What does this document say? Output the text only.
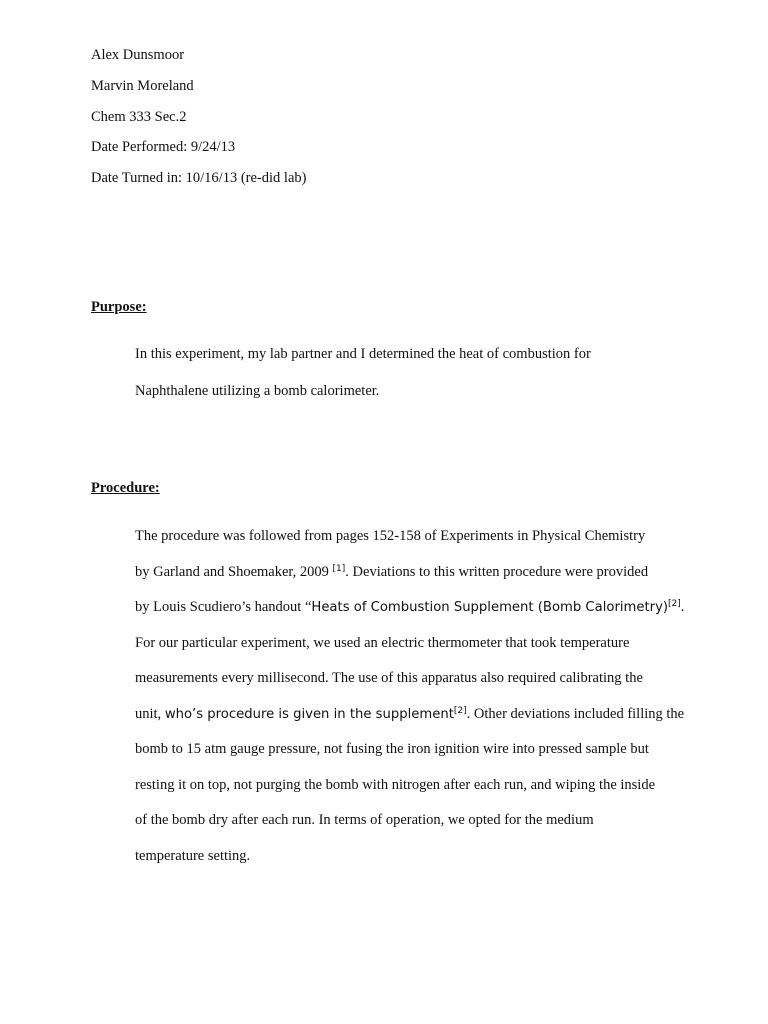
Alex Dunsmoor
Marvin Moreland
Chem 333 Sec.2
Date Performed: 9/24/13
Date Turned in: 10/16/13 (re-did lab)
Purpose:
In this experiment, my lab partner and I determined the heat of combustion for
Naphthalene utilizing a bomb calorimeter.
Procedure:
The procedure was followed from pages 152-158 of Experiments in Physical Chemistry
by Garland and Shoemaker, 2009 [1]. Deviations to this written procedure were provided
by Louis Scudiero’s handout “Heats of Combustion Supplement (Bomb Calorimetry)[2].
For our particular experiment, we used an electric thermometer that took temperature
measurements every millisecond. The use of this apparatus also required calibrating the
unit, who’s procedure is given in the supplement[2]. Other deviations included filling the
bomb to 15 atm gauge pressure, not fusing the iron ignition wire into pressed sample but
resting it on top, not purging the bomb with nitrogen after each run, and wiping the inside
of the bomb dry after each run. In terms of operation, we opted for the medium
temperature setting.
